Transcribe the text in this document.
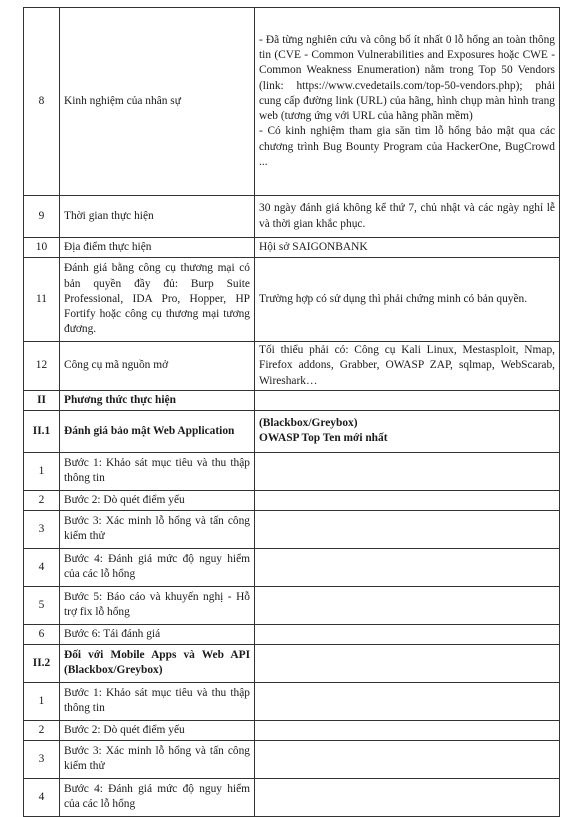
8	Kinh nghiệm của nhân sự	- Đã từng nghiên cứu và công bố ít nhất 0 lỗ hổng an toàn thông tin (CVE - Common Vulnerabilities and Exposures hoặc CWE - Common Weakness Enumeration) nằm trong Top 50 Vendors (link: https://www.cvedetails.com/top-50-vendors.php); phải cung cấp đường link (URL) của hãng, hình chụp màn hình trang web (tương ứng với URL của hãng phần mềm)
- Có kinh nghiệm tham gia săn tìm lỗ hổng bảo mật qua các chương trình Bug Bounty Program của HackerOne, BugCrowd ...

9	Thời gian thực hiện	30 ngày đánh giá không kể thứ 7, chủ nhật và các ngày nghỉ lễ và thời gian khắc phục.

10	Địa điểm thực hiện	Hội sở SAIGONBANK

11	Đánh giá bằng công cụ thương mại có bản quyền đầy đủ: Burp Suite Professional, IDA Pro, Hopper, HP Fortify hoặc công cụ thương mại tương đương.	Trường hợp có sử dụng thì phải chứng minh có bản quyền.

12	Công cụ mã nguồn mở	Tối thiểu phải có: Công cụ Kali Linux, Mestasploit, Nmap, Firefox addons, Grabber, OWASP ZAP, sqlmap, WebScarab, Wireshark…

II	Phương thức thực hiện	
II.1	Đánh giá bảo mật Web Application	(Blackbox/Greybox)
OWASP Top Ten mới nhất

1	Bước 1: Khảo sát mục tiêu và thu thập thông tin	
2	Bước 2: Dò quét điểm yếu	
3	Bước 3: Xác minh lỗ hổng và tấn công kiểm thử	
4	Bước 4: Đánh giá mức độ nguy hiểm của các lỗ hổng	
5	Bước 5: Báo cáo và khuyến nghị - Hỗ trợ fix lỗ hổng	
6	Bước 6: Tái đánh giá	
II.2	Đối với Mobile Apps và Web API (Blackbox/Greybox)	
1	Bước 1: Khảo sát mục tiêu và thu thập thông tin	
2	Bước 2: Dò quét điểm yếu	
3	Bước 3: Xác minh lỗ hổng và tấn công kiểm thử	
4	Bước 4: Đánh giá mức độ nguy hiểm của các lỗ hổng	
